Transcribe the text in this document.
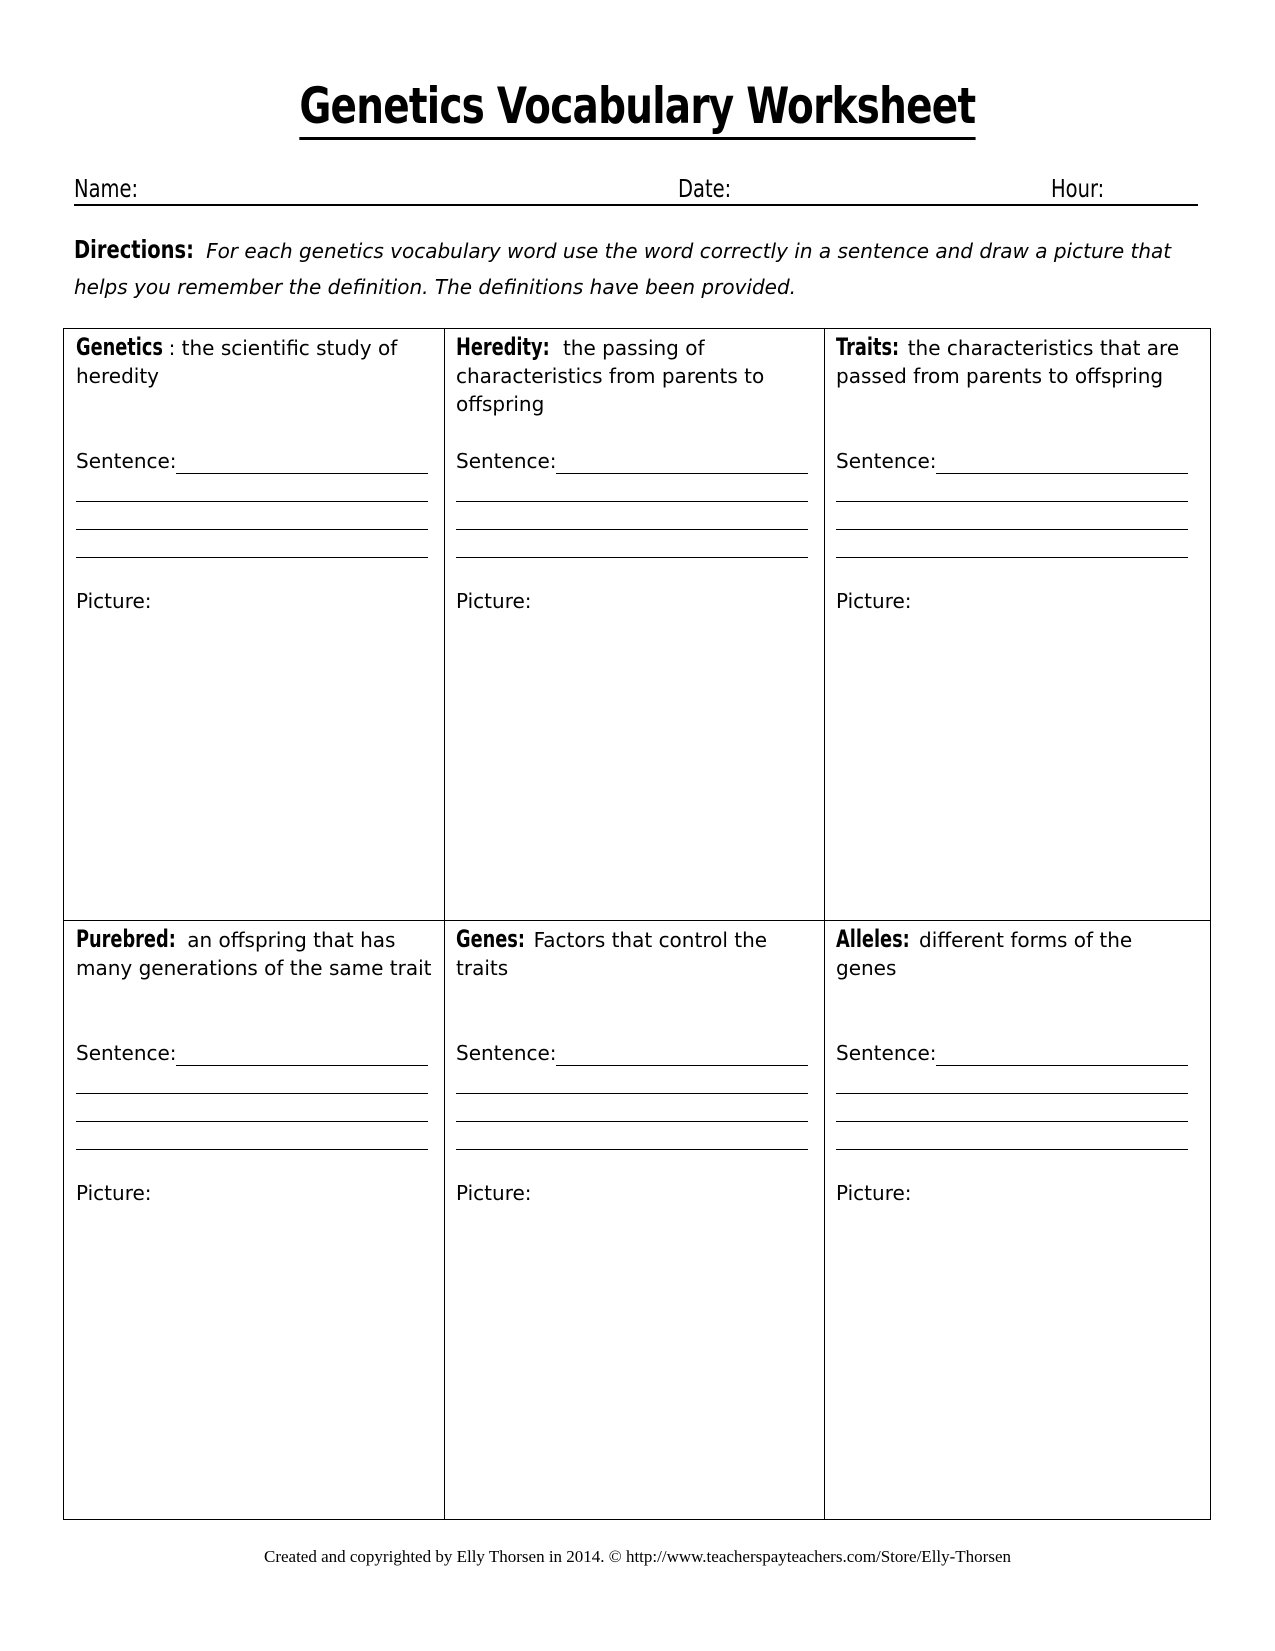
Genetics Vocabulary Worksheet
Name:	Date:	Hour:
Directions: For each genetics vocabulary word use the word correctly in a sentence and draw a picture that helps you remember the definition. The definitions have been provided.
Genetics : the scientific study of heredity
Sentence:
Picture:
Heredity: the passing of characteristics from parents to offspring
Sentence:
Picture:
Traits: the characteristics that are passed from parents to offspring
Sentence:
Picture:
Purebred: an offspring that has many generations of the same trait
Sentence:
Picture:
Genes: Factors that control the traits
Sentence:
Picture:
Alleles: different forms of the genes
Sentence:
Picture:
Created and copyrighted by Elly Thorsen in 2014. © http://www.teacherspayteachers.com/Store/Elly-Thorsen
